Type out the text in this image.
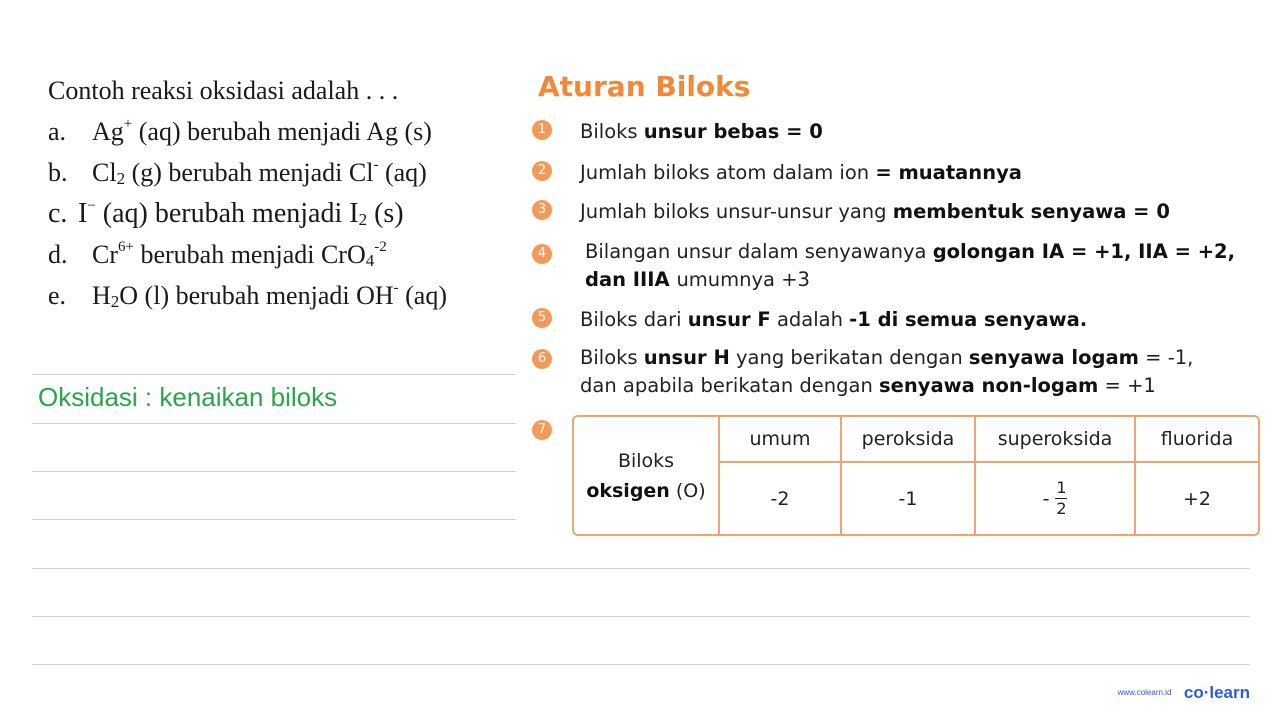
Contoh reaksi oksidasi adalah . . .
a. Ag+ (aq) berubah menjadi Ag (s)
b. $Cl_2$ (g) berubah menjadi Cl- (aq)
c.I− (aq) berubah menjadi $I_2$ (s)
d. $Cr^{6+}$ berubah menjadi CrO$_4^{-2}$
e. $H_2O$ (l) berubah menjadi OH- (aq)
Oksidasi : kenaikan biloks
Aturan Biloks
1	Biloks unsur bebas = 0
2	Jumlah biloks atom dalam ion = muatannya
3	Jumlah biloks unsur-unsur yang membentuk senyawa = 0
4	Bilangan unsur dalam senyawanya golongan IA = +1, IIA = +2,
dan IIIA umumnya +3
5	Biloks dari unsur F adalah -1 di semua senyawa.
6	Biloks unsur H yang berikatan dengan senyawa logam = -1,
dan apabila berikatan dengan senyawa non-logam = +1
7
Biloks
oksigen (O)
umum	peroksida	superoksida	fluorida
-2	-1	- $\frac{1}{2}$	+2
www.colearn.id co·learn
